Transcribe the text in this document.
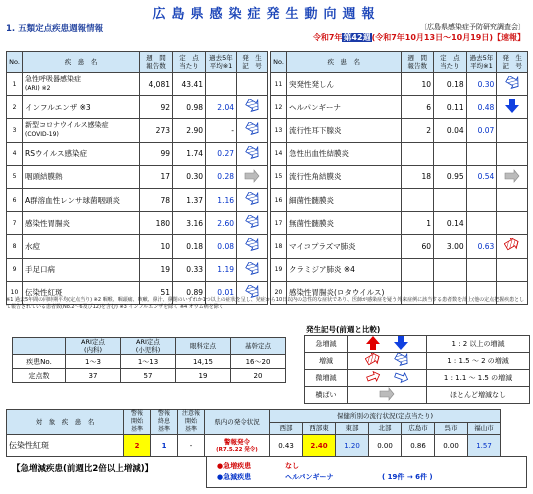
広島県感染症発生動向週報
1. 五類定点疾患週報情報	〔広島県感染症予防研究調査会〕
令和7年第42週(令和7年10月13日～10月19日)【速報】
No.	疾　患　名	週　間
報告数	定　点
当たり	過去5年
平均※1	発　生
記　号
1	急性呼吸器感染症
(ARI) ※2	4,081	43.41		
2	インフルエンザ ※3	92	0.98	2.04	
3	新型コロナウイルス感染症
(COVID-19)	273	2.90	-	
4	RSウイルス感染症	99	1.74	0.27	
5	咽頭結膜熱	17	0.30	0.28	
6	A群溶血性レンサ球菌咽頭炎	78	1.37	1.16	
7	感染性胃腸炎	180	3.16	2.60	
8	水痘	10	0.18	0.08	
9	手足口病	19	0.33	1.19	
10	伝染性紅斑	51	0.89	0.01	
No.	疾　患　名	週　間
報告数	定　点
当たり	過去5年
平均※1	発　生
記　号
11	突発性発しん	10	0.18	0.30	
12	ヘルパンギーナ	6	0.11	0.48	
13	流行性耳下腺炎	2	0.04	0.07	
14	急性出血性結膜炎				
15	流行性角結膜炎	18	0.95	0.54	
16	細菌性髄膜炎				
17	無菌性髄膜炎	1	0.14		
18	マイコプラズマ肺炎	60	3.00	0.63	
19	クラミジア肺炎 ※4				
20	感染性胃腸炎(ロタウイルス)				
※1 過去5年間の同時期平均(定点当り) ※2 咽喉、咽頭痛、咳嗽、鼻汁、鼻閉のいずれか1つ以上の症状を呈し、発症から10日以内の急性的な症状であり、医師が感染症を疑う外来症例に該当する患者数を計上(他の定点把握疾患として報告されている患者数(No.2～6及び12)を含む) ※3 インフルエンザを除く ※4 オウム病を除く
	ARI定点
(内科)	ARI定点
(小児科)	眼科定点	基幹定点
疾患No.	1～3	1～13	14,15	16～20
定点数	37	57	19	20
発生記号(前週と比較)
急増減		1 : 2 以上の増減
増減		1 : 1.5 ～ 2 の増減
微増減		1 : 1.1 ～ 1.5 の増減
横ばい		ほとんど増減なし
対　象　疾　患　名	警報
開始
基準	警報
終息
基準	注意報
開始
基準	県内の発令状況	保健所別の流行状況(定点当たり)						
					西部	西部東	東部	北部	広島市	呉市	福山市
伝染性紅斑	2	1	-	警報発令
(R7.5.22 発令)	0.43	2.40	1.20	0.00	0.86	0.00	1.57
【急増減疾患(前週比2倍以上増減)】	●急増疾患	なし
●急減疾患	ヘルパンギーナ	( 19件 → 6件 )
